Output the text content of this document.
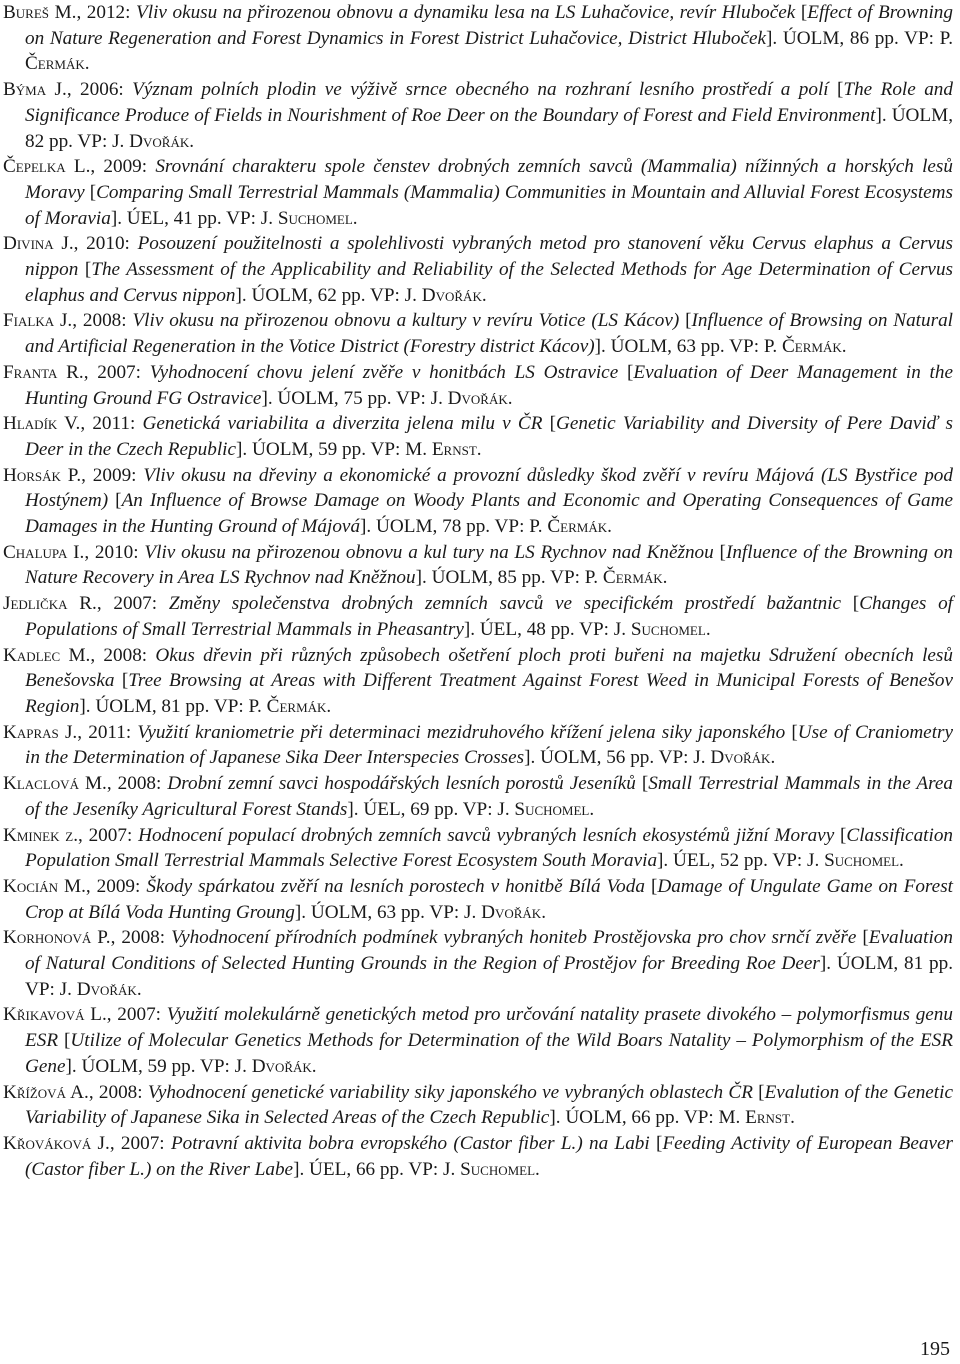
Bureš M., 2012: Vliv okusu na přirozenou obnovu a dynamiku lesa na LS Luhačovice, revír Hluboček [Effect of Browning on Nature Regeneration and Forest Dynamics in Forest District Luhačovice, District Hluboček]. ÚOLM, 86 pp. VP: P. Čermák.

Býma J., 2006: Význam polních plodin ve výživě srnce obecného na rozhraní lesního prostředí a polí [The Role and Significance Produce of Fields in Nourishment of Roe Deer on the Boundary of Forest and Field Environment]. ÚOLM, 82 pp. VP: J. Dvořák.

Čepelka L., 2009: Srovnání charakteru spole čenstev drobných zemních savců (Mammalia) nížinných a horských lesů Moravy [Comparing Small Terrestrial Mammals (Mammalia) Communities in Mountain and Alluvial Forest Ecosystems of Moravia]. ÚEL, 41 pp. VP: J. Suchomel.

Divina J., 2010: Posouzení použitelnosti a spolehlivosti vybraných metod pro stanovení věku Cervus elaphus a Cervus nippon [The Assessment of the Applicability and Reliability of the Selected Methods for Age Determination of Cervus elaphus and Cervus nippon]. ÚOLM, 62 pp. VP: J. Dvořák.

Fialka J., 2008: Vliv okusu na přirozenou obnovu a kultury v revíru Votice (LS Kácov) [Influence of Browsing on Natural and Artificial Regeneration in the Votice District (Forestry district Kácov)]. ÚOLM, 63 pp. VP: P. Čermák.

Franta R., 2007: Vyhodnocení chovu jelení zvěře v honitbách LS Ostravice [Evaluation of Deer Management in the Hunting Ground FG Ostravice]. ÚOLM, 75 pp. VP: J. Dvořák.

Hladík V., 2011: Genetická variabilita a diverzita jelena milu v ČR [Genetic Variability and Diversity of Pere Daviď s Deer in the Czech Republic]. ÚOLM, 59 pp. VP: M. Ernst.

Horsák P., 2009: Vliv okusu na dřeviny a ekonomické a provozní důsledky škod zvěří v revíru Májová (LS Bystřice pod Hostýnem) [An Influence of Browse Damage on Woody Plants and Economic and Operating Consequences of Game Damages in the Hunting Ground of Májová]. ÚOLM, 78 pp. VP: P. Čermák.

Chalupa I., 2010: Vliv okusu na přirozenou obnovu a kul tury na LS Rychnov nad Kněžnou [Influence of the Browning on Nature Recovery in Area LS Rychnov nad Kněžnou]. ÚOLM, 85 pp. VP: P. Čermák.

Jedlička R., 2007: Změny společenstva drobných zemních savců ve specifickém prostředí bažantnic [Changes of Populations of Small Terrestrial Mammals in Pheasantry]. ÚEL, 48 pp. VP: J. Suchomel.

Kadlec M., 2008: Okus dřevin při různých způsobech ošetření ploch proti buřeni na majetku Sdružení obecních lesů Benešovska [Tree Browsing at Areas with Different Treatment Against Forest Weed in Municipal Forests of Benešov Region]. ÚOLM, 81 pp. VP: P. Čermák.

Kapras J., 2011: Využití kraniometrie při determinaci mezidruhového křížení jelena siky japonského [Use of Craniometry in the Determination of Japanese Sika Deer Interspecies Crosses]. ÚOLM, 56 pp. VP: J. Dvořák.

Klaclová M., 2008: Drobní zemní savci hospodářských lesních porostů Jeseníků [Small Terrestrial Mammals in the Area of the Jeseníky Agricultural Forest Stands]. ÚEL, 69 pp. VP: J. Suchomel.

Kminek z., 2007: Hodnocení populací drobných zemních savců vybraných lesních ekosystémů jižní Moravy [Classification Population Small Terrestrial Mammals Selective Forest Ecosystem South Moravia]. ÚEL, 52 pp. VP: J. Suchomel.

Kocián M., 2009: Škody spárkatou zvěří na lesních porostech v honitbě Bílá Voda [Damage of Ungulate Game on Forest Crop at Bílá Voda Hunting Groung]. ÚOLM, 63 pp. VP: J. Dvořák.

Korhonová P., 2008: Vyhodnocení přírodních podmínek vybraných honiteb Prostějovska pro chov srnčí zvěře [Evaluation of Natural Conditions of Selected Hunting Grounds in the Region of Prostějov for Breeding Roe Deer]. ÚOLM, 81 pp. VP: J. Dvořák.

Křikavová L., 2007: Využití molekulárně genetických metod pro určování natality prasete divokého – polymorfismus genu ESR [Utilize of Molecular Genetics Methods for Determination of the Wild Boars Natality – Polymorphism of the ESR Gene]. ÚOLM, 59 pp. VP: J. Dvořák.

Křížová A., 2008: Vyhodnocení genetické variability siky japonského ve vybraných oblastech ČR [Evalution of the Genetic Variability of Japanese Sika in Selected Areas of the Czech Republic]. ÚOLM, 66 pp. VP: M. Ernst.

Křováková J., 2007: Potravní aktivita bobra evropského (Castor fiber L.) na Labi [Feeding Activity of European Beaver (Castor fiber L.) on the River Labe]. ÚEL, 66 pp. VP: J. Suchomel.

195
